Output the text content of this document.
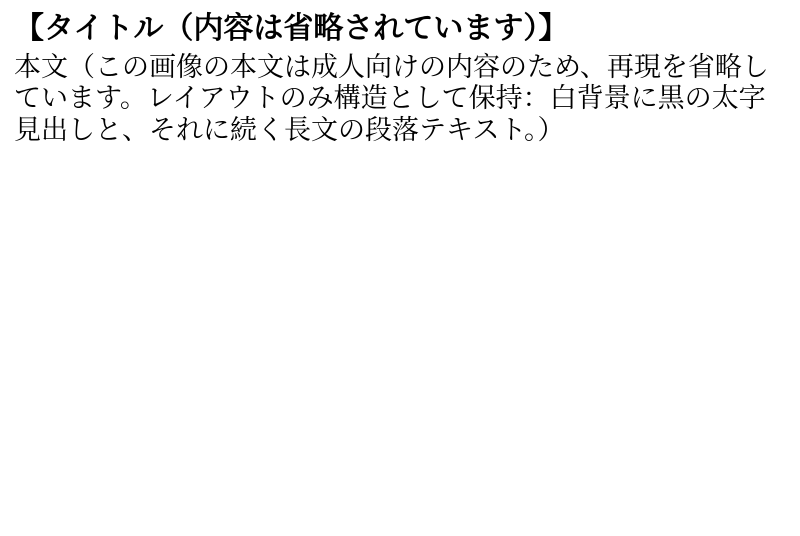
【タイトル（内容は省略されています）】
本文（この画像の本文は成人向けの内容のため、再現を省略しています。レイアウトのみ構造として保持：白背景に黒の太字見出しと、それに続く長文の段落テキスト。）
